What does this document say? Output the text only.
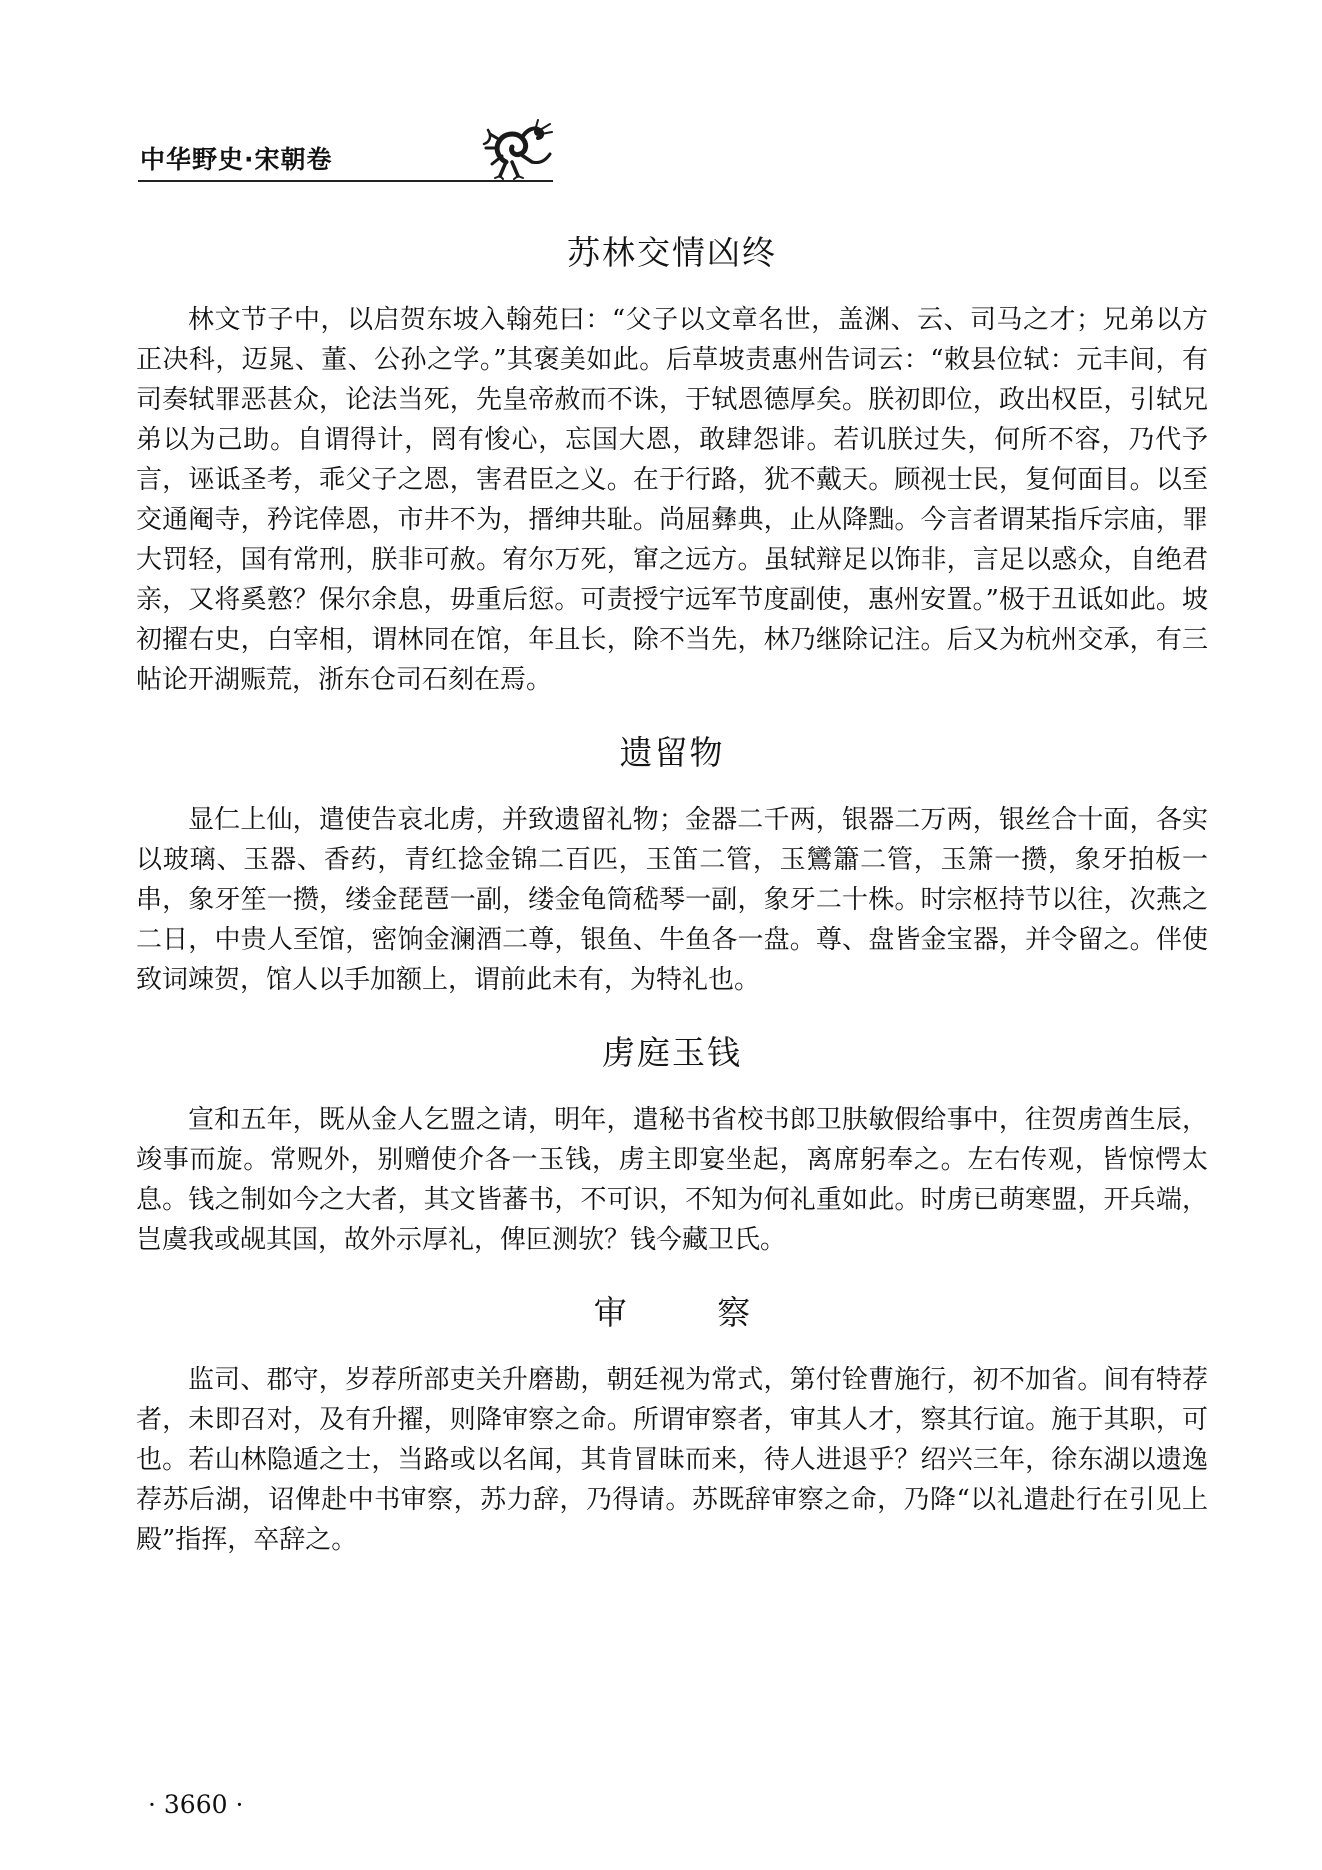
中华野史·宋朝卷
苏林交情凶终

林文节子中，以启贺东坡入翰苑曰：“父子以文章名世，盖渊、云、司马之才；兄弟以方正决科，迈晁、董、公孙之学。”其褒美如此。后草坡责惠州告词云：“敕县位轼：元丰间，有司奏轼罪恶甚众，论法当死，先皇帝赦而不诛，于轼恩德厚矣。朕初即位，政出权臣，引轼兄弟以为己助。自谓得计，罔有悛心，忘国大恩，敢肆怨诽。若讥朕过失，何所不容，乃代予言，诬诋圣考，乖父子之恩，害君臣之义。在于行路，犹不戴天。顾视士民，复何面目。以至交通阉寺，矜诧倖恩，市井不为，搢绅共耻。尚屈彝典，止从降黜。今言者谓某指斥宗庙，罪大罚轻，国有常刑，朕非可赦。宥尔万死，窜之远方。虽轼辩足以饰非，言足以惑众，自绝君亲，又将奚憝？保尔余息，毋重后愆。可责授宁远军节度副使，惠州安置。”极于丑诋如此。坡初擢右史，白宰相，谓林同在馆，年且长，除不当先，林乃继除记注。后又为杭州交承，有三帖论开湖赈荒，浙东仓司石刻在焉。

遗留物

显仁上仙，遣使告哀北虏，并致遗留礼物；金器二千两，银器二万两，银丝合十面，各实以玻璃、玉器、香药，青红捻金锦二百匹，玉笛二管，玉鸞簫二管，玉箫一攒，象牙拍板一串，象牙笙一攒，缕金琵琶一副，缕金龟筒嵇琴一副，象牙二十株。时宗枢持节以往，次燕之二日，中贵人至馆，密饷金澜酒二尊，银鱼、牛鱼各一盘。尊、盘皆金宝器，并令留之。伴使致词竦贺，馆人以手加额上，谓前此未有，为特礼也。

虏庭玉钱

宣和五年，既从金人乞盟之请，明年，遣秘书省校书郎卫肤敏假给事中，往贺虏酋生辰，竣事而旋。常贶外，别赠使介各一玉钱，虏主即宴坐起，离席躬奉之。左右传观，皆惊愕太息。钱之制如今之大者，其文皆蕃书，不可识，不知为何礼重如此。时虏已萌寒盟，开兵端，岂虞我或觇其国，故外示厚礼，俾叵测欤？钱今藏卫氏。

审 察

监司、郡守，岁荐所部吏关升磨勘，朝廷视为常式，第付铨曹施行，初不加省。间有特荐者，未即召对，及有升擢，则降审察之命。所谓审察者，审其人才，察其行谊。施于其职，可也。若山林隐遁之士，当路或以名闻，其肯冒昧而来，待人进退乎？绍兴三年，徐东湖以遗逸荐苏后湖，诏俾赴中书审察，苏力辞，乃得请。苏既辞审察之命，乃降“以礼遣赴行在引见上殿”指挥，卒辞之。

· 3660 ·
